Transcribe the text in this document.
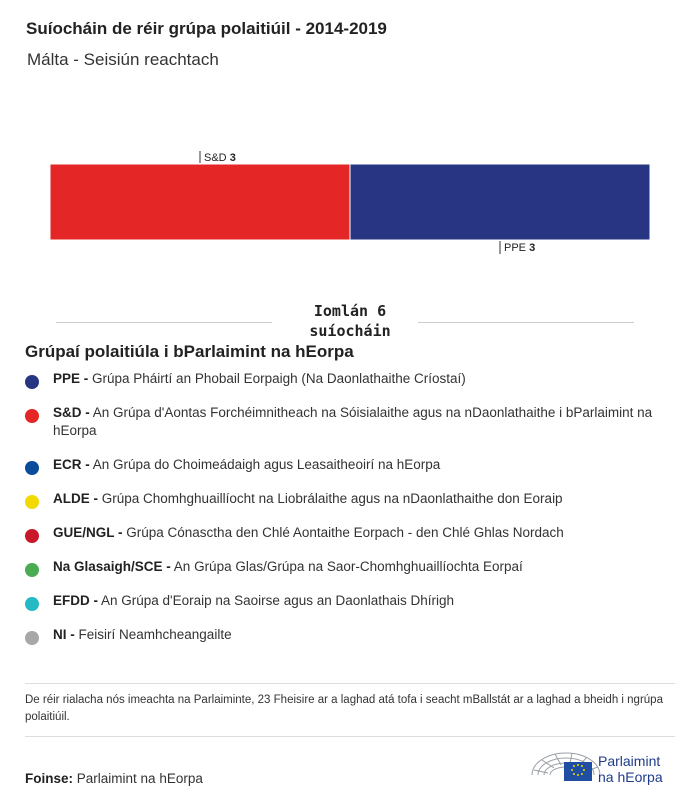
Suíocháin de réir grúpa polaitiúil - 2014-2019
Málta - Seisiún reachtach
S&D 3
PPE 3
Iomlán 6 suíocháin
Grúpaí polaitiúla i bParlaimint na hEorpa
PPE - Grúpa Pháirtí an Phobail Eorpaigh (Na Daonlathaithe Críostaí)
S&D - An Grúpa d'Aontas Forchéimnitheach na Sóisialaithe agus na nDaonlathaithe i bParlaimint na hEorpa
ECR - An Grúpa do Choimeádaigh agus Leasaitheoirí na hEorpa
ALDE - Grúpa Chomhghuaillíocht na Liobrálaithe agus na nDaonlathaithe don Eoraip
GUE/NGL - Grúpa Cónasctha den Chlé Aontaithe Eorpach - den Chlé Ghlas Nordach
Na Glasaigh/SCE - An Grúpa Glas/Grúpa na Saor-Chomhghuaillíochta Eorpaí
EFDD - An Grúpa d'Eoraip na Saoirse agus an Daonlathais Dhírigh
NI - Feisirí Neamhcheangailte
De réir rialacha nós imeachta na Parlaiminte, 23 Fheisire ar a laghad atá tofa i seacht mBallstát ar a laghad a bheidh i ngrúpa polaitiúil.
Foinse: Parlaimint na hEorpa
Parlaimint
na hEorpa
